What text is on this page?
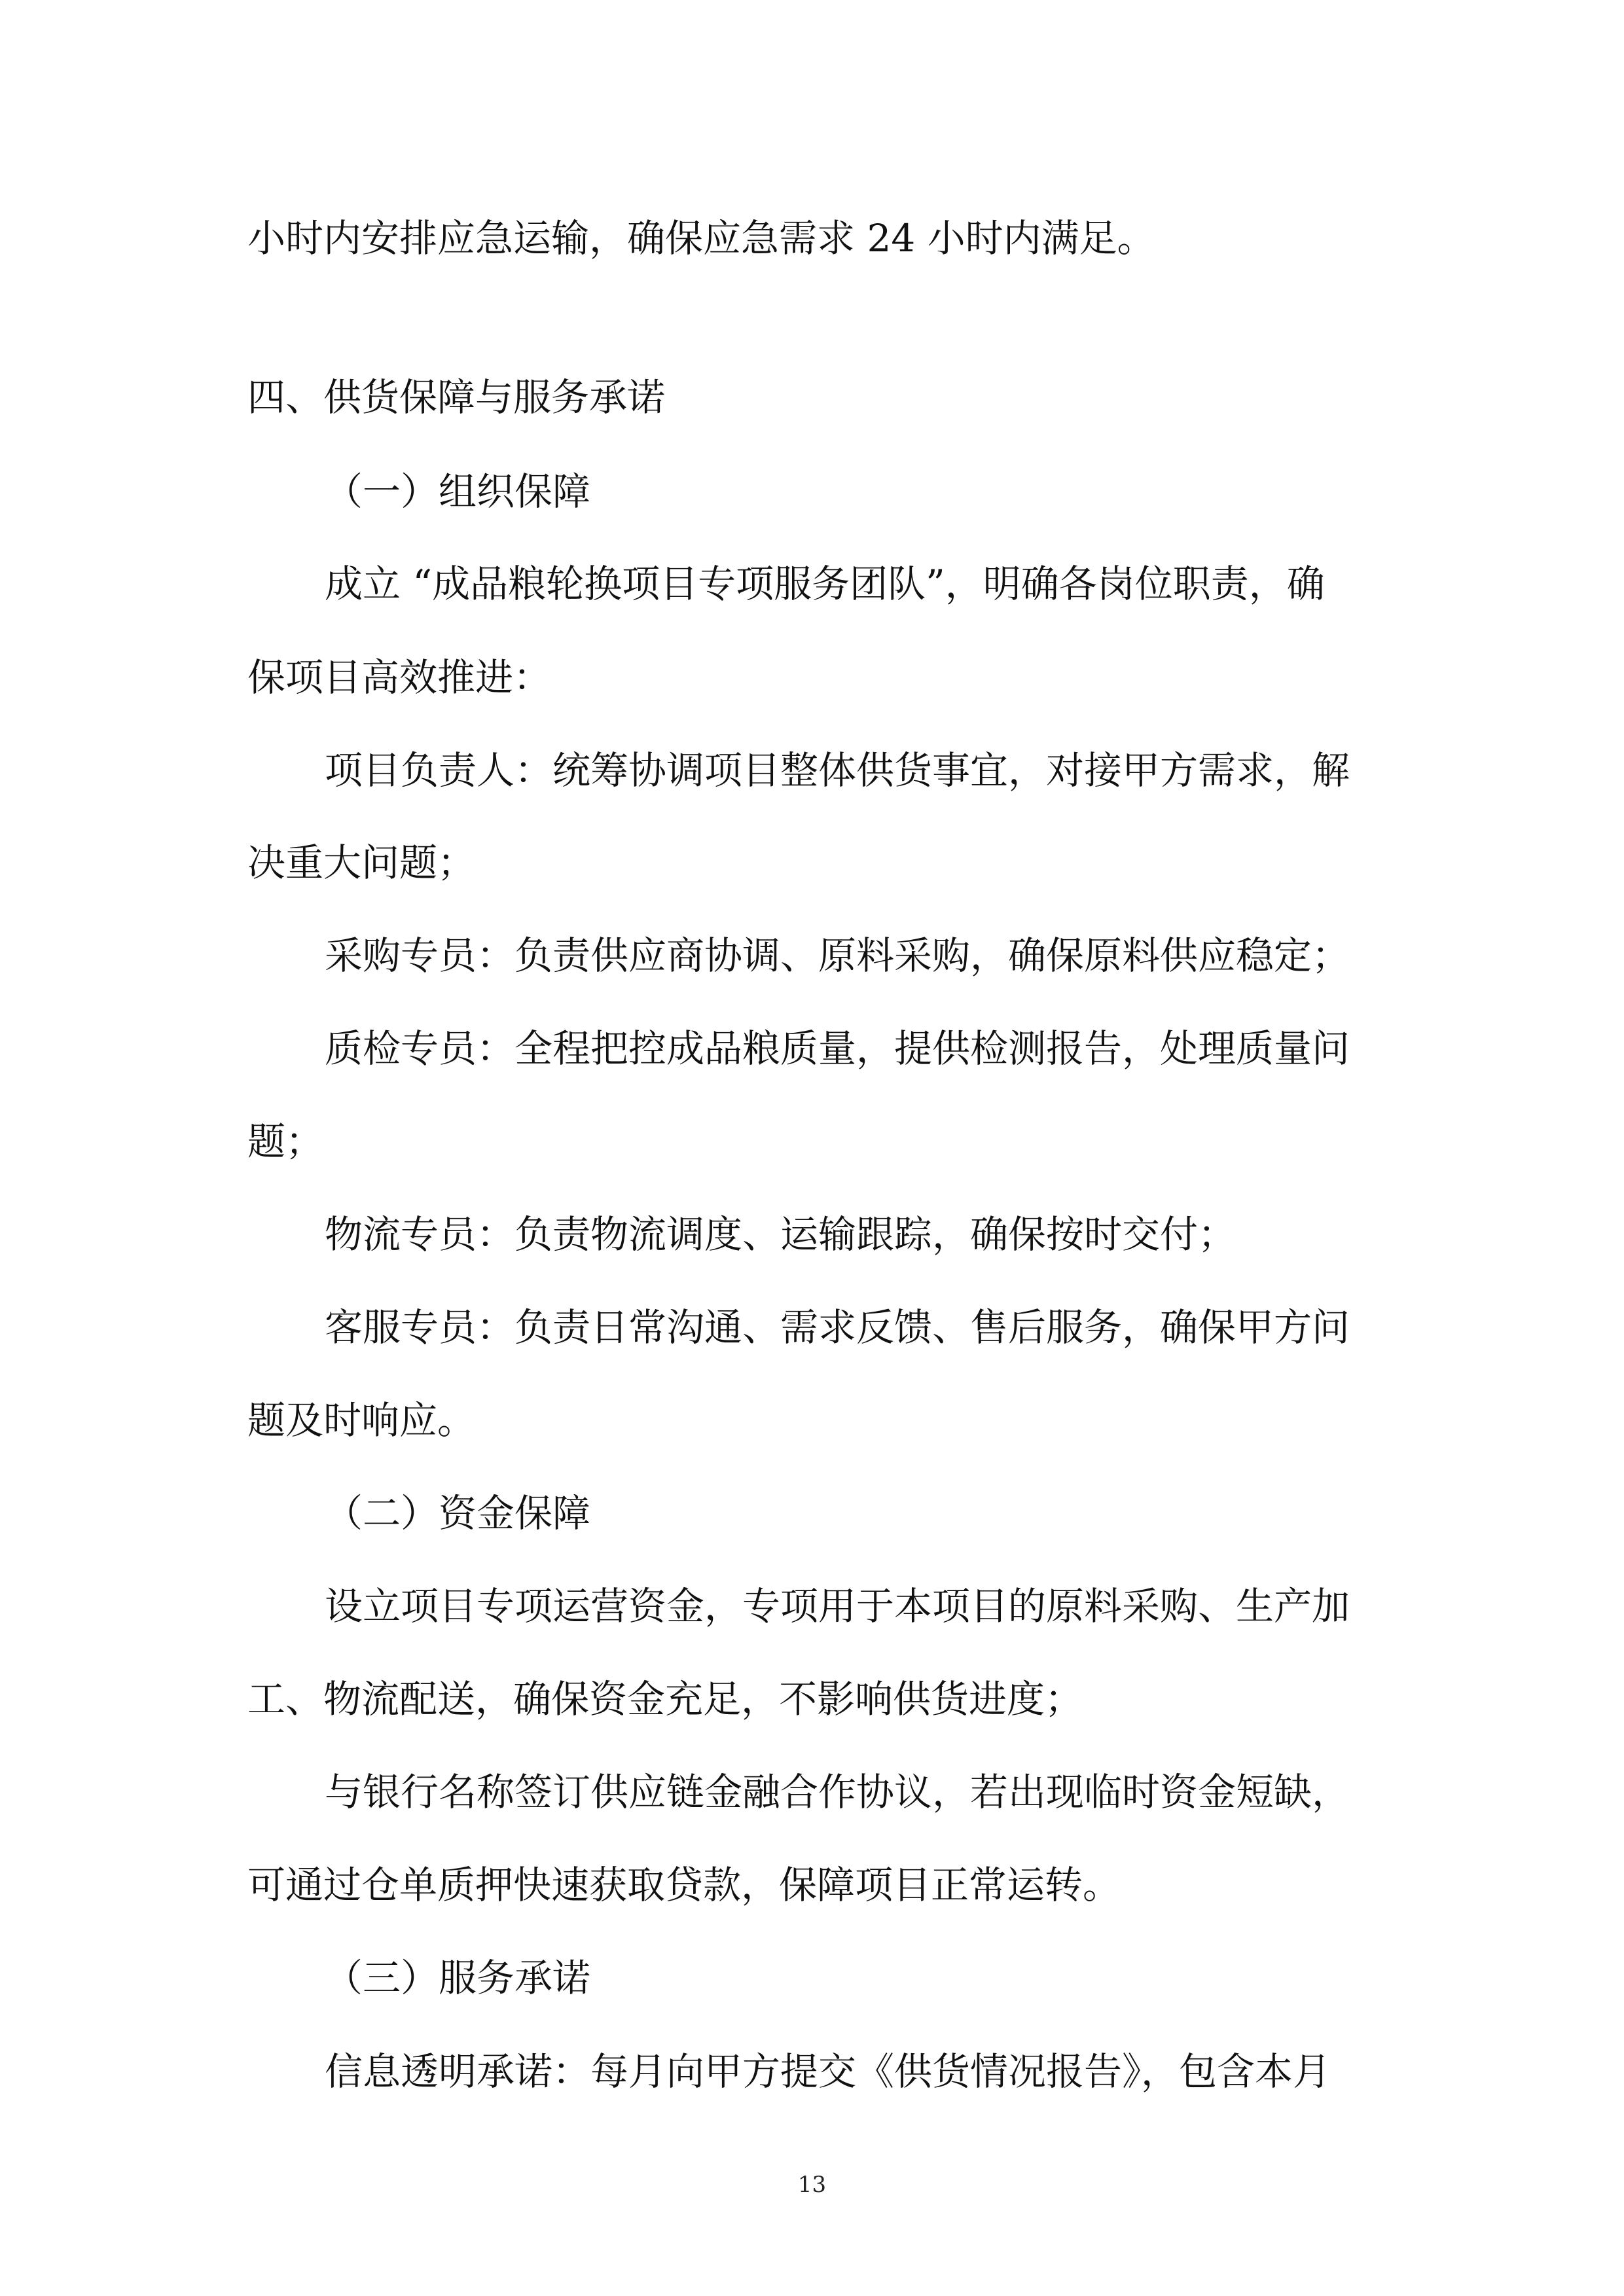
小时内安排应急运输，确保应急需求 24 小时内满足。
四、供货保障与服务承诺
（一）组织保障
成立 “成品粮轮换项目专项服务团队”，明确各岗位职责，确
保项目高效推进：
项目负责人：统筹协调项目整体供货事宜，对接甲方需求，解
决重大问题；
采购专员：负责供应商协调、原料采购，确保原料供应稳定；
质检专员：全程把控成品粮质量，提供检测报告，处理质量问
题；
物流专员：负责物流调度、运输跟踪，确保按时交付；
客服专员：负责日常沟通、需求反馈、售后服务，确保甲方问
题及时响应。
（二）资金保障
设立项目专项运营资金，专项用于本项目的原料采购、生产加
工、物流配送，确保资金充足，不影响供货进度；
与银行名称签订供应链金融合作协议，若出现临时资金短缺，
可通过仓单质押快速获取贷款，保障项目正常运转。
（三）服务承诺
信息透明承诺：每月向甲方提交《供货情况报告》，包含本月
13
